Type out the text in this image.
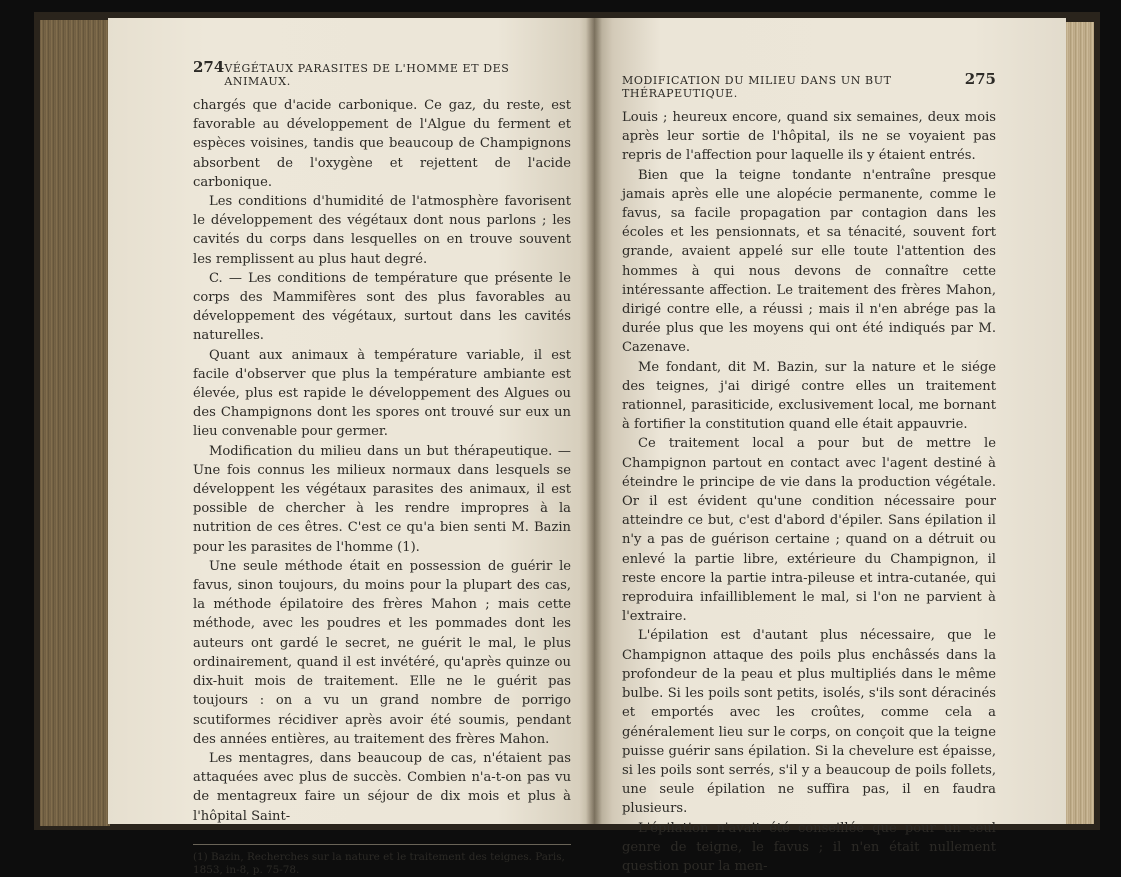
274 VÉGÉTAUX PARASITES DE L'HOMME ET DES ANIMAUX.

chargés que d'acide carbonique. Ce gaz, du reste, est favorable au développement de l'Algue du ferment et espèces voisines, tandis que beaucoup de Champignons absorbent de l'oxygène et rejettent de l'acide carbonique.

Les conditions d'humidité de l'atmosphère favorisent le développement des végétaux dont nous parlons ; les cavités du corps dans lesquelles on en trouve souvent les remplissent au plus haut degré.

C. — Les conditions de température que présente le corps des Mammifères sont des plus favorables au développement des végétaux, surtout dans les cavités naturelles.

Quant aux animaux à température variable, il est facile d'observer que plus la température ambiante est élevée, plus est rapide le développement des Algues ou des Champignons dont les spores ont trouvé sur eux un lieu convenable pour germer.

Modification du milieu dans un but thérapeutique. — Une fois connus les milieux normaux dans lesquels se développent les végétaux parasites des animaux, il est possible de chercher à les rendre impropres à la nutrition de ces êtres. C'est ce qu'a bien senti M. Bazin pour les parasites de l'homme (1).

Une seule méthode était en possession de guérir le favus, sinon toujours, du moins pour la plupart des cas, la méthode épilatoire des frères Mahon ; mais cette méthode, avec les poudres et les pommades dont les auteurs ont gardé le secret, ne guérit le mal, le plus ordinairement, quand il est invétéré, qu'après quinze ou dix-huit mois de traitement. Elle ne le guérit pas toujours : on a vu un grand nombre de porrigo scutiformes récidiver après avoir été soumis, pendant des années entières, au traitement des frères Mahon.

Les mentagres, dans beaucoup de cas, n'étaient pas attaquées avec plus de succès. Combien n'a-t-on pas vu de mentagreux faire un séjour de dix mois et plus à l'hôpital Saint-

(1) Bazin, Recherches sur la nature et le traitement des teignes. Paris, 1853, in-8, p. 75-78.
MODIFICATION DU MILIEU DANS UN BUT THÉRAPEUTIQUE.
275

Louis ; heureux encore, quand six semaines, deux mois après leur sortie de l'hôpital, ils ne se voyaient pas repris de l'affection pour laquelle ils y étaient entrés.

Bien que la teigne tondante n'entraîne presque jamais après elle une alopécie permanente, comme le favus, sa facile propagation par contagion dans les écoles et les pensionnats, et sa ténacité, souvent fort grande, avaient appelé sur elle toute l'attention des hommes à qui nous devons de connaître cette intéressante affection. Le traitement des frères Mahon, dirigé contre elle, a réussi ; mais il n'en abrége pas la durée plus que les moyens qui ont été indiqués par M. Cazenave.

Me fondant, dit M. Bazin, sur la nature et le siége des teignes, j'ai dirigé contre elles un traitement rationnel, parasiticide, exclusivement local, me bornant à fortifier la constitution quand elle était appauvrie.

Ce traitement local a pour but de mettre le Champignon partout en contact avec l'agent destiné à éteindre le principe de vie dans la production végétale. Or il est évident qu'une condition nécessaire pour atteindre ce but, c'est d'abord d'épiler. Sans épilation il n'y a pas de guérison certaine ; quand on a détruit ou enlevé la partie libre, extérieure du Champignon, il reste encore la partie intra-pileuse et intra-cutanée, qui reproduira infailliblement le mal, si l'on ne parvient à l'extraire.

L'épilation est d'autant plus nécessaire, que le Champignon attaque des poils plus enchâssés dans la profondeur de la peau et plus multipliés dans le même bulbe. Si les poils sont petits, isolés, s'ils sont déracinés et emportés avec les croûtes, comme cela a généralement lieu sur le corps, on conçoit que la teigne puisse guérir sans épilation. Si la chevelure est épaisse, si les poils sont serrés, s'il y a beaucoup de poils follets, une seule épilation ne suffira pas, il en faudra plusieurs.

L'épilation n'avait été conseillée que pour un seul genre de teigne, le favus ; il n'en était nullement question pour la men-
